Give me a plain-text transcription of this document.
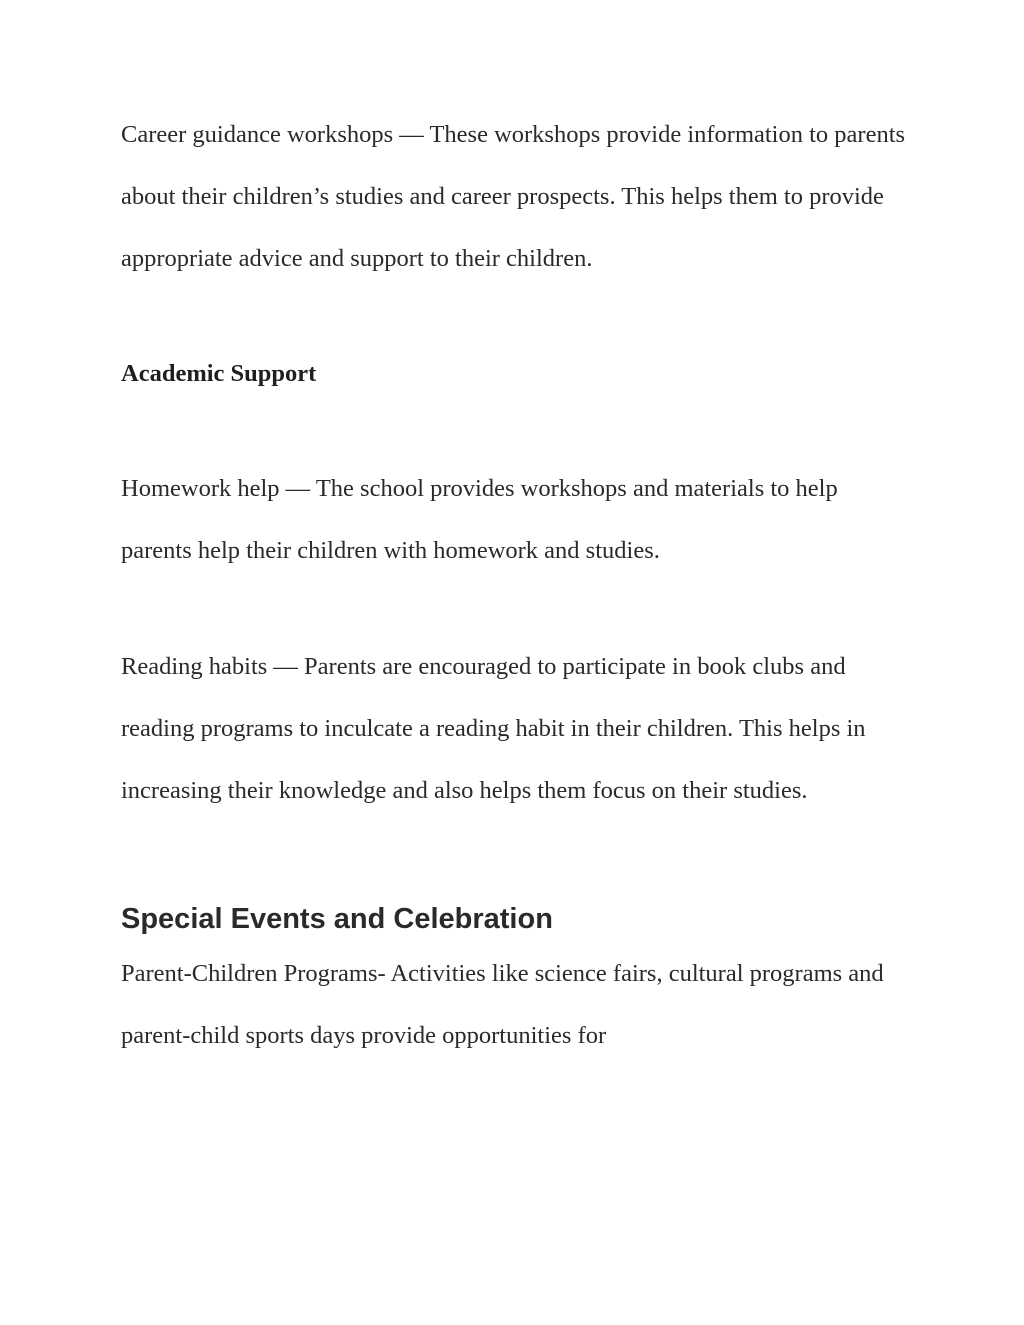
Career guidance workshops — These workshops provide information to parents about their children’s studies and career prospects. This helps them to provide appropriate advice and support to their children.

Academic Support

Homework help — The school provides workshops and materials to help parents help their children with homework and studies.

Reading habits — Parents are encouraged to participate in book clubs and reading programs to inculcate a reading habit in their children. This helps in increasing their knowledge and also helps them focus on their studies.

Special Events and Celebration

Parent-Children Programs- Activities like science fairs, cultural programs and parent-child sports days provide opportunities for
